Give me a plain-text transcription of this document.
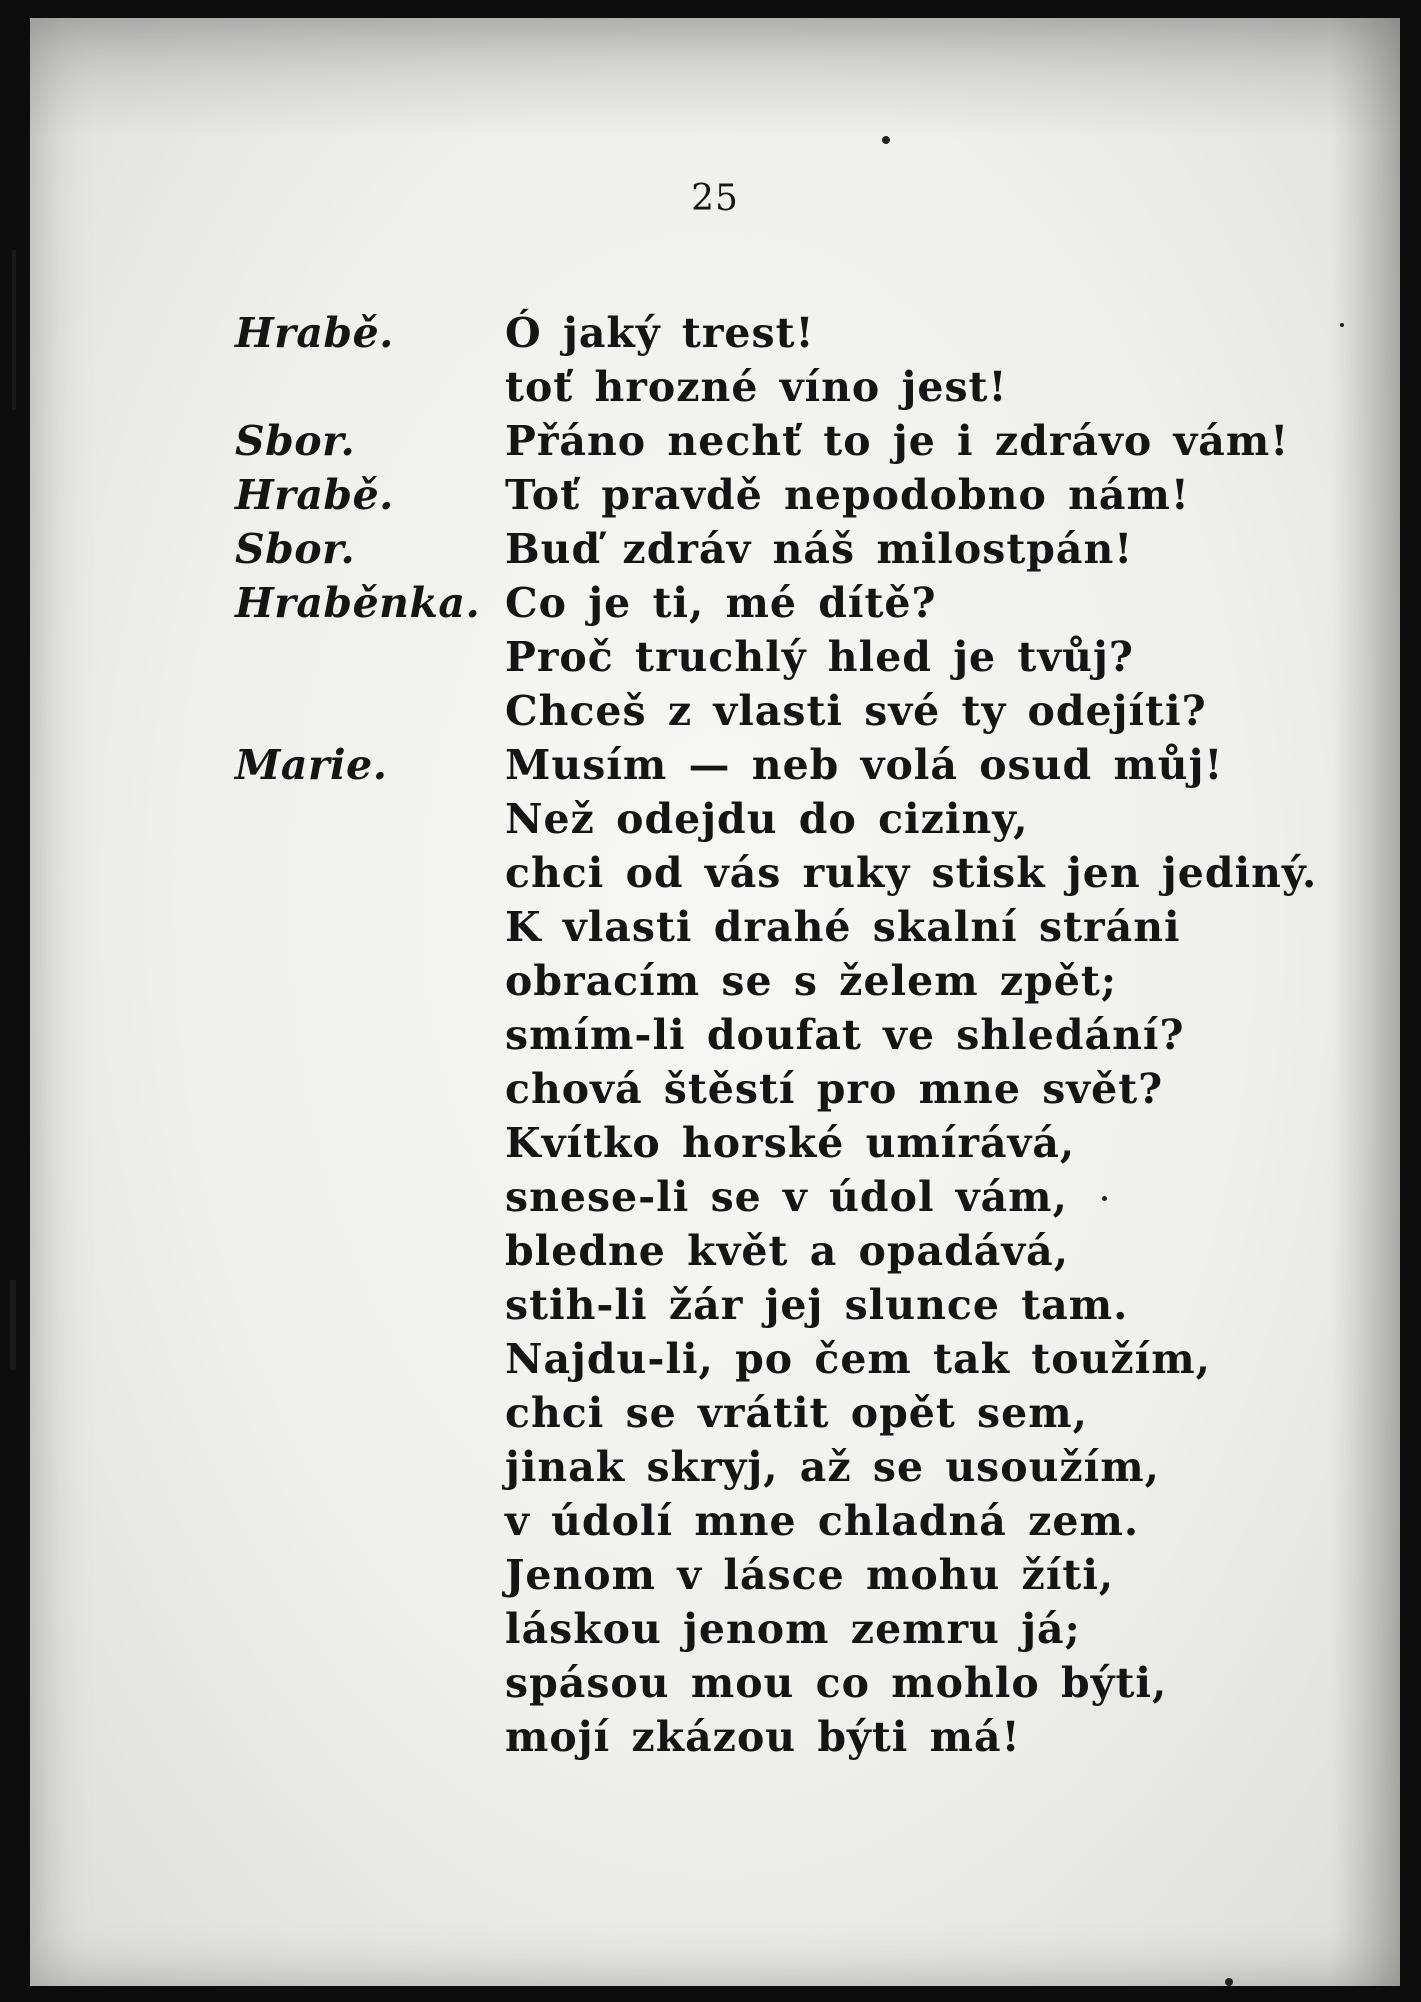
25
Hrabě.	Ó jaký trest!
toť hrozné víno jest!
Sbor.	Přáno nechť to je i zdrávo vám!
Hrabě.	Toť pravdě nepodobno nám!
Sbor.	Buď zdráv náš milostpán!
Hraběnka. Co je ti, mé dítě?
Proč truchlý hled je tvůj?
Chceš z vlasti své ty odejíti?
Marie.	Musím — neb volá osud můj!
Než odejdu do ciziny,
chci od vás ruky stisk jen jediný.
K vlasti drahé skalní stráni
obracím se s želem zpět;
smím-li doufat ve shledání?
chová štěstí pro mne svět?
Kvítko horské umírává,
snese-li se v údol vám,
bledne květ a opadává,
stih-li žár jej slunce tam.
Najdu-li, po čem tak toužím,
chci se vrátit opět sem,
jinak skryj, až se usoužím,
v údolí mne chladná zem.
Jenom v lásce mohu žíti,
láskou jenom zemru já;
spásou mou co mohlo býti,
mojí zkázou býti má!
